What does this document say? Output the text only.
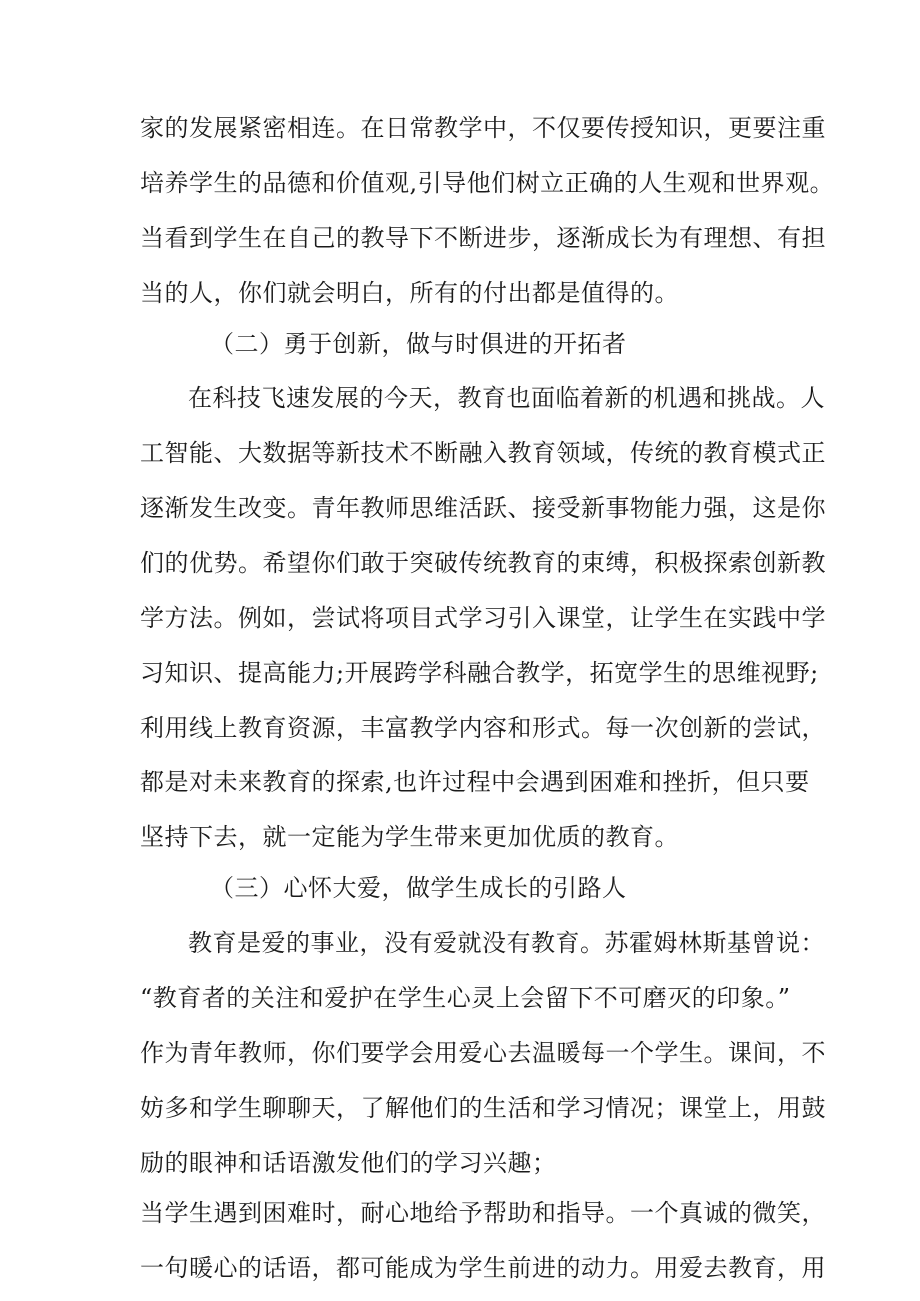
家的发展紧密相连。在日常教学中，不仅要传授知识，更要注重
培养学生的品德和价值观,引导他们树立正确的人生观和世界观。
当看到学生在自己的教导下不断进步，逐渐成长为有理想、有担
当的人，你们就会明白，所有的付出都是值得的。
（二）勇于创新，做与时俱进的开拓者
在科技飞速发展的今天，教育也面临着新的机遇和挑战。人
工智能、大数据等新技术不断融入教育领域，传统的教育模式正
逐渐发生改变。青年教师思维活跃、接受新事物能力强，这是你
们的优势。希望你们敢于突破传统教育的束缚，积极探索创新教
学方法。例如，尝试将项目式学习引入课堂，让学生在实践中学
习知识、提高能力;开展跨学科融合教学，拓宽学生的思维视野;
利用线上教育资源，丰富教学内容和形式。每一次创新的尝试，
都是对未来教育的探索,也许过程中会遇到困难和挫折，但只要
坚持下去，就一定能为学生带来更加优质的教育。
（三）心怀大爱，做学生成长的引路人
教育是爱的事业，没有爱就没有教育。苏霍姆林斯基曾说：
“教育者的关注和爱护在学生心灵上会留下不可磨灭的印象。”
作为青年教师，你们要学会用爱心去温暖每一个学生。课间，不
妨多和学生聊聊天，了解他们的生活和学习情况；课堂上，用鼓
励的眼神和话语激发他们的学习兴趣；
当学生遇到困难时，耐心地给予帮助和指导。一个真诚的微笑，
一句暖心的话语，都可能成为学生前进的动力。用爱去教育，用
